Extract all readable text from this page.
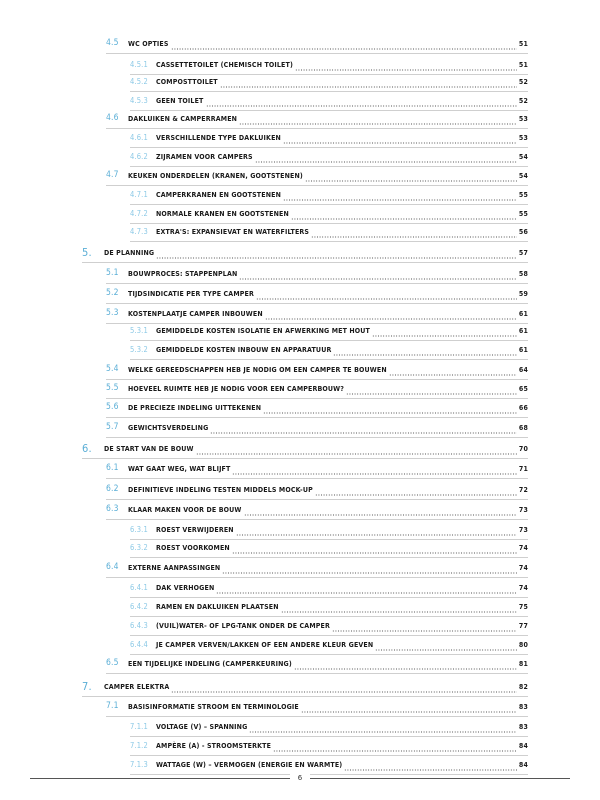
4.5 WC OPTIES	51
4.5.1 CASSETTETOILET (CHEMISCH TOILET)	51
4.5.2 COMPOSTTOILET	52
4.5.3 GEEN TOILET	52
4.6 DAKLUIKEN & CAMPERRAMEN	53
4.6.1 VERSCHILLENDE TYPE DAKLUIKEN	53
4.6.2 ZIJRAMEN VOOR CAMPERS	54
4.7 KEUKEN ONDERDELEN (KRANEN, GOOTSTENEN)	54
4.7.1 CAMPERKRANEN EN GOOTSTENEN	55
4.7.2 NORMALE KRANEN EN GOOTSTENEN	55
4.7.3 EXTRA'S: EXPANSIEVAT EN WATERFILTERS	56
5. DE PLANNING	57
5.1 BOUWPROCES: STAPPENPLAN	58
5.2 TIJDSINDICATIE PER TYPE CAMPER	59
5.3 KOSTENPLAATJE CAMPER INBOUWEN	61
5.3.1 GEMIDDELDE KOSTEN ISOLATIE EN AFWERKING MET HOUT	61
5.3.2 GEMIDDELDE KOSTEN INBOUW EN APPARATUUR	61
5.4 WELKE GEREEDSCHAPPEN HEB JE NODIG OM EEN CAMPER TE BOUWEN	64
5.5 HOEVEEL RUIMTE HEB JE NODIG VOOR EEN CAMPERBOUW?	65
5.6 DE PRECIEZE INDELING UITTEKENEN	66
5.7 GEWICHTSVERDELING	68
6. DE START VAN DE BOUW	70
6.1 WAT GAAT WEG, WAT BLIJFT	71
6.2 DEFINITIEVE INDELING TESTEN MIDDELS MOCK-UP	72
6.3 KLAAR MAKEN VOOR DE BOUW	73
6.3.1 ROEST VERWIJDEREN	73
6.3.2 ROEST VOORKOMEN	74
6.4 EXTERNE AANPASSINGEN	74
6.4.1 DAK VERHOGEN	74
6.4.2 RAMEN EN DAKLUIKEN PLAATSEN	75
6.4.3 (VUIL)WATER- OF LPG-TANK ONDER DE CAMPER	77
6.4.4 JE CAMPER VERVEN/LAKKEN OF EEN ANDERE KLEUR GEVEN	80
6.5 EEN TIJDELIJKE INDELING (CAMPERKEURING)	81
7. CAMPER ELEKTRA	82
7.1 BASISINFORMATIE STROOM EN TERMINOLOGIE	83
7.1.1 VOLTAGE (V) – SPANNING	83
7.1.2 AMPÈRE (A) - STROOMSTERKTE	84
7.1.3 WATTAGE (W) – VERMOGEN (ENERGIE EN WARMTE)	84
6
